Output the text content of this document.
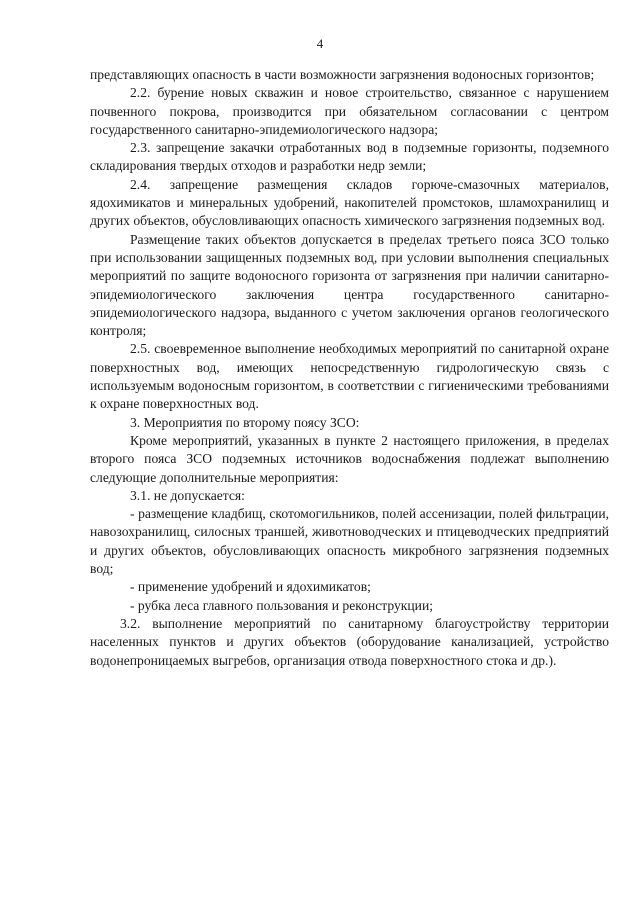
4

представляющих опасность в части возможности загрязнения водоносных горизонтов;

2.2. бурение новых скважин и новое строительство, связанное с нарушением почвенного покрова, производится при обязательном согласовании с центром государственного санитарно-эпидемиологического надзора;

2.3. запрещение закачки отработанных вод в подземные горизонты, подземного складирования твердых отходов и разработки недр земли;

2.4. запрещение размещения складов горюче-смазочных материалов, ядохимикатов и минеральных удобрений, накопителей промстоков, шламохранилищ и других объектов, обусловливающих опасность химического загрязнения подземных вод.

Размещение таких объектов допускается в пределах третьего пояса ЗСО только при использовании защищенных подземных вод, при условии выполнения специальных мероприятий по защите водоносного горизонта от загрязнения при наличии санитарно-эпидемиологического заключения центра государственного санитарно-эпидемиологического надзора, выданного с учетом заключения органов геологического контроля;

2.5. своевременное выполнение необходимых мероприятий по санитарной охране поверхностных вод, имеющих непосредственную гидрологическую связь с используемым водоносным горизонтом, в соответствии с гигиеническими требованиями к охране поверхностных вод.

3. Мероприятия по второму поясу ЗСО:

Кроме мероприятий, указанных в пункте 2 настоящего приложения, в пределах второго пояса ЗСО подземных источников водоснабжения подлежат выполнению следующие дополнительные мероприятия:

3.1. не допускается:

- размещение кладбищ, скотомогильников, полей ассенизации, полей фильтрации, навозохранилищ, силосных траншей, животноводческих и птицеводческих предприятий и других объектов, обусловливающих опасность микробного загрязнения подземных вод;

- применение удобрений и ядохимикатов;

- рубка леса главного пользования и реконструкции;

3.2. выполнение мероприятий по санитарному благоустройству территории населенных пунктов и других объектов (оборудование канализацией, устройство водонепроницаемых выгребов, организация отвода поверхностного стока и др.).
